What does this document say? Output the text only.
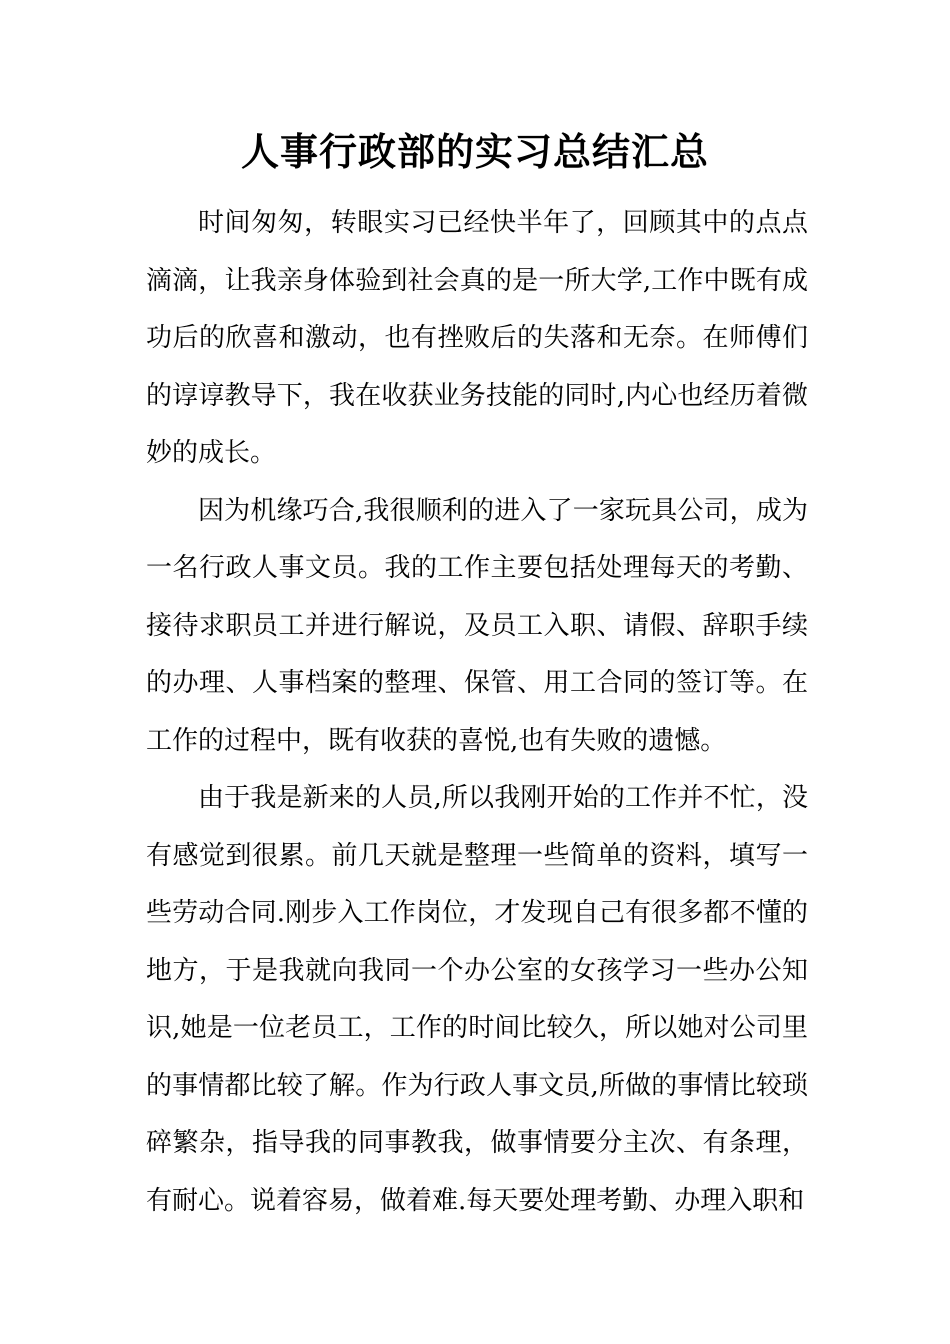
人事行政部的实习总结汇总

时间匆匆，转眼实习已经快半年了，回顾其中的点点滴滴，让我亲身体验到社会真的是一所大学,工作中既有成功后的欣喜和激动，也有挫败后的失落和无奈。在师傅们的谆谆教导下，我在收获业务技能的同时,内心也经历着微妙的成长。

因为机缘巧合,我很顺利的进入了一家玩具公司，成为一名行政人事文员。我的工作主要包括处理每天的考勤、接待求职员工并进行解说，及员工入职、请假、辞职手续的办理、人事档案的整理、保管、用工合同的签订等。在工作的过程中，既有收获的喜悦,也有失败的遗憾。

由于我是新来的人员,所以我刚开始的工作并不忙，没有感觉到很累。前几天就是整理一些简单的资料，填写一些劳动合同.刚步入工作岗位，才发现自己有很多都不懂的地方，于是我就向我同一个办公室的女孩学习一些办公知识,她是一位老员工，工作的时间比较久，所以她对公司里的事情都比较了解。作为行政人事文员,所做的事情比较琐碎繁杂，指导我的同事教我，做事情要分主次、有条理，有耐心。说着容易，做着难.每天要处理考勤、办理入职和
